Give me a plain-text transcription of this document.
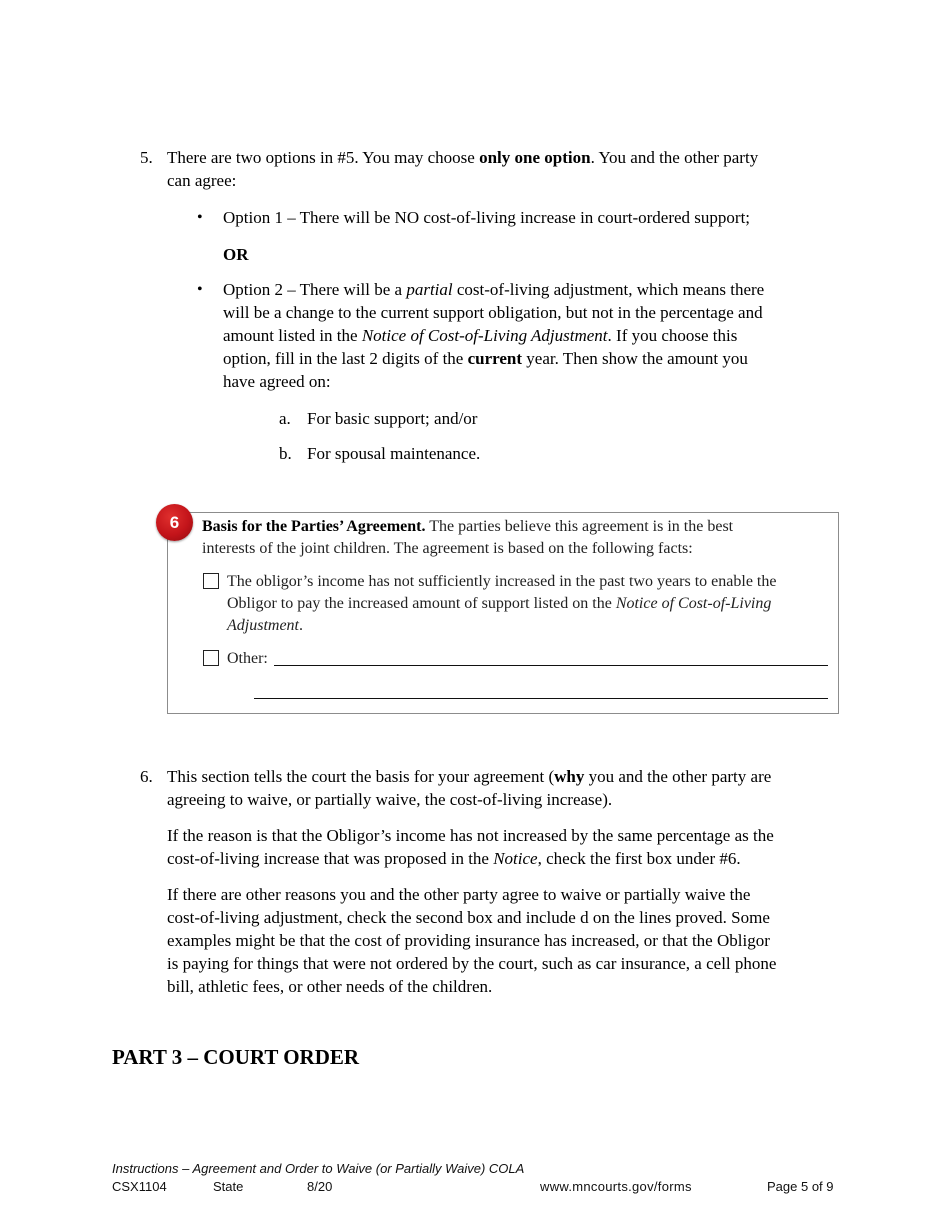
5. There are two options in #5. You may choose only one option. You and the other party
can agree:
• Option 1 – There will be NO cost-of-living increase in court-ordered support;
OR
• Option 2 – There will be a partial cost-of-living adjustment, which means there
will be a change to the current support obligation, but not in the percentage and
amount listed in the Notice of Cost-of-Living Adjustment. If you choose this
option, fill in the last 2 digits of the current year. Then show the amount you
have agreed on:
a. For basic support; and/or
b. For spousal maintenance.
6	Basis for the Parties’ Agreement. The parties believe this agreement is in the best
interests of the joint children. The agreement is based on the following facts:
The obligor’s income has not sufficiently increased in the past two years to enable the
Obligor to pay the increased amount of support listed on the Notice of Cost-of-Living
Adjustment.
Other:
6. This section tells the court the basis for your agreement (why you and the other party are
agreeing to waive, or partially waive, the cost-of-living increase).
If the reason is that the Obligor’s income has not increased by the same percentage as the
cost-of-living increase that was proposed in the Notice, check the first box under #6.
If there are other reasons you and the other party agree to waive or partially waive the
cost-of-living adjustment, check the second box and include d on the lines proved. Some
examples might be that the cost of providing insurance has increased, or that the Obligor
is paying for things that were not ordered by the court, such as car insurance, a cell phone
bill, athletic fees, or other needs of the children.
PART 3 – COURT ORDER
Instructions – Agreement and Order to Waive (or Partially Waive) COLA
CSX1104	State	8/20	www.mncourts.gov/forms	Page 5 of 9
